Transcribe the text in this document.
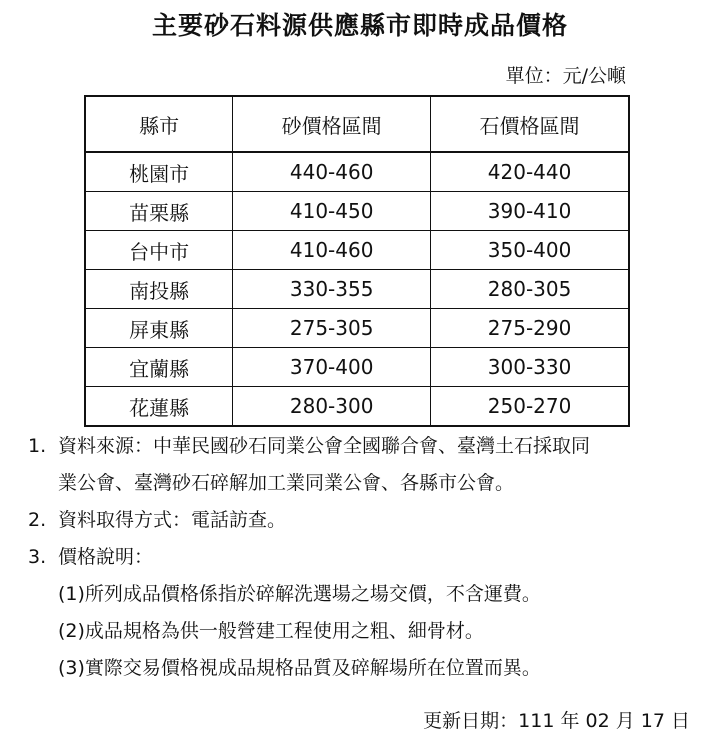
主要砂石料源供應縣市即時成品價格
單位：元/公噸
縣市	砂價格區間	石價格區間
桃園市	440-460	420-440
苗栗縣	410-450	390-410
台中市	410-460	350-400
南投縣	330-355	280-305
屏東縣	275-305	275-290
宜蘭縣	370-400	300-330
花蓮縣	280-300	250-270
1. 資料來源：中華民國砂石同業公會全國聯合會、臺灣土石採取同
業公會、臺灣砂石碎解加工業同業公會、各縣市公會。
2. 資料取得方式：電話訪查。
3. 價格說明：
(1)所列成品價格係指於碎解洗選場之場交價，不含運費。
(2)成品規格為供一般營建工程使用之粗、細骨材。
(3)實際交易價格視成品規格品質及碎解場所在位置而異。
更新日期：111 年 02 月 17 日
